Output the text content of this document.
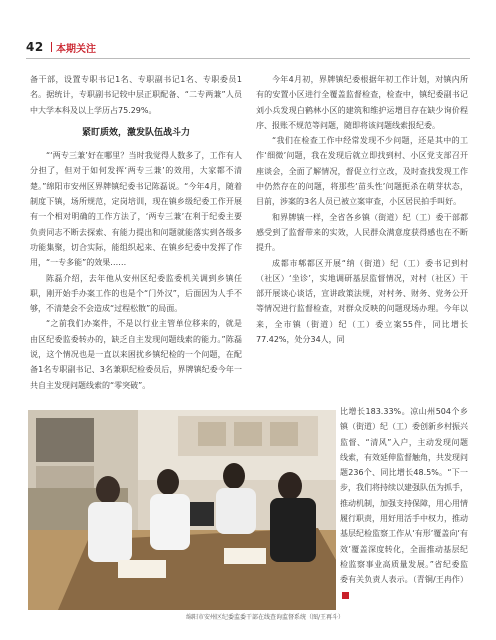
42 本期关注

备干部，设置专职书记1名、专职副书记1名、专职委员1名。据统计，专职副书记较中层正职配备、“二专两兼”人员中大学本科及以上学历占75.29%。

紧盯质效，激发队伍战斗力

“‘两专三兼’好在哪里？当时我觉得人数多了，工作有人分担了，但对于如何发挥‘两专三兼’的效用，大家都不清楚。”绵阳市安州区界牌镇纪委书记陈磊说。“今年4月，随着制度下镇，场所规范，定岗培训，现在镇乡级纪委工作开展有一个相对明确的工作方法了，‘两专三兼’在利于纪委主要负责同志不断去探索、有能力提出和问题就能落实到各级多功能集聚，切合实际，能组织起来、在镇乡纪委中发挥了作用，“一专多能”的效果……

陈磊介绍，去年他从安州区纪委监委机关调到乡镇任职，刚开始手办案工作的也是个“门外汉”，后面因为人手不够，不清楚会不会造成“过程松散”的局面。

“之前我们办案件，不是以行业主管单位移来的，就是由区纪委监委转办的，缺乏自主发现问题线索的能力。”陈磊说，这个情况也是一直以来困扰乡镇纪检的一个问题，在配备1名专职副书记、3名兼职纪检委员后，界牌镇纪委今年一共自主发现问题线索的“零突破”。

今年4月初，界牌镇纪委根据年初工作计划，对镇内所有的安置小区进行全覆盖监督检查，检查中，镇纪委副书记刘小兵发现白鹤林小区的建筑和维护运增目存在缺少询价程序、报账不规范等问题，随即将该问题线索报纪委。

“我们在检查工作中经常发现不少问题，还是其中的工作‘细微’问题，我在发现后就立即找到村、小区党支部召开座谈会，全面了解情况，督促立行立改，及时查找发现工作中仍然存在的问题，将那些‘苗头性’问题扼杀在萌芽状态，目前，涉案的3名人员已被立案审查，小区居民拍手叫好。

和界牌镇一样，全省各乡镇（街道）纪（工）委干部都感受到了监督带来的实效，人民群众满意度获得感也在不断提升。

成都市郫都区开展“纳（街道）纪（工）委书记到村（社区）‘坐诊’，实地调研基层监督情况，对村（社区）干部开展谈心谈话，宣讲政策法规，对村务、财务、党务公开等情况进行监督检查，对群众反映的问题现场办理。今年以来，全市镇（街道）纪（工）委立案55件，同比增长77.42%，处分34人，同

比增长183.33%。凉山州504个乡镇（街道）纪（工）委创新乡村振兴监督、“清风”入户，主动发现问题线索，有效延伸监督触角，共发现问题236个、同比增长48.5%。“下一步，我们将持续以建强队伍为抓手，推动机制，加强支持保障，用心用情履行职责，用好用活手中权力，推动基层纪检监察工作从‘有形’覆盖向‘有效’覆盖深度转化，全面推动基层纪检监察事业高质量发展。”省纪委监委有关负责人表示。（青铜/王冉作）

绵阳市安州区纪委监委干部在线查询监督系统（图/王再斗）
